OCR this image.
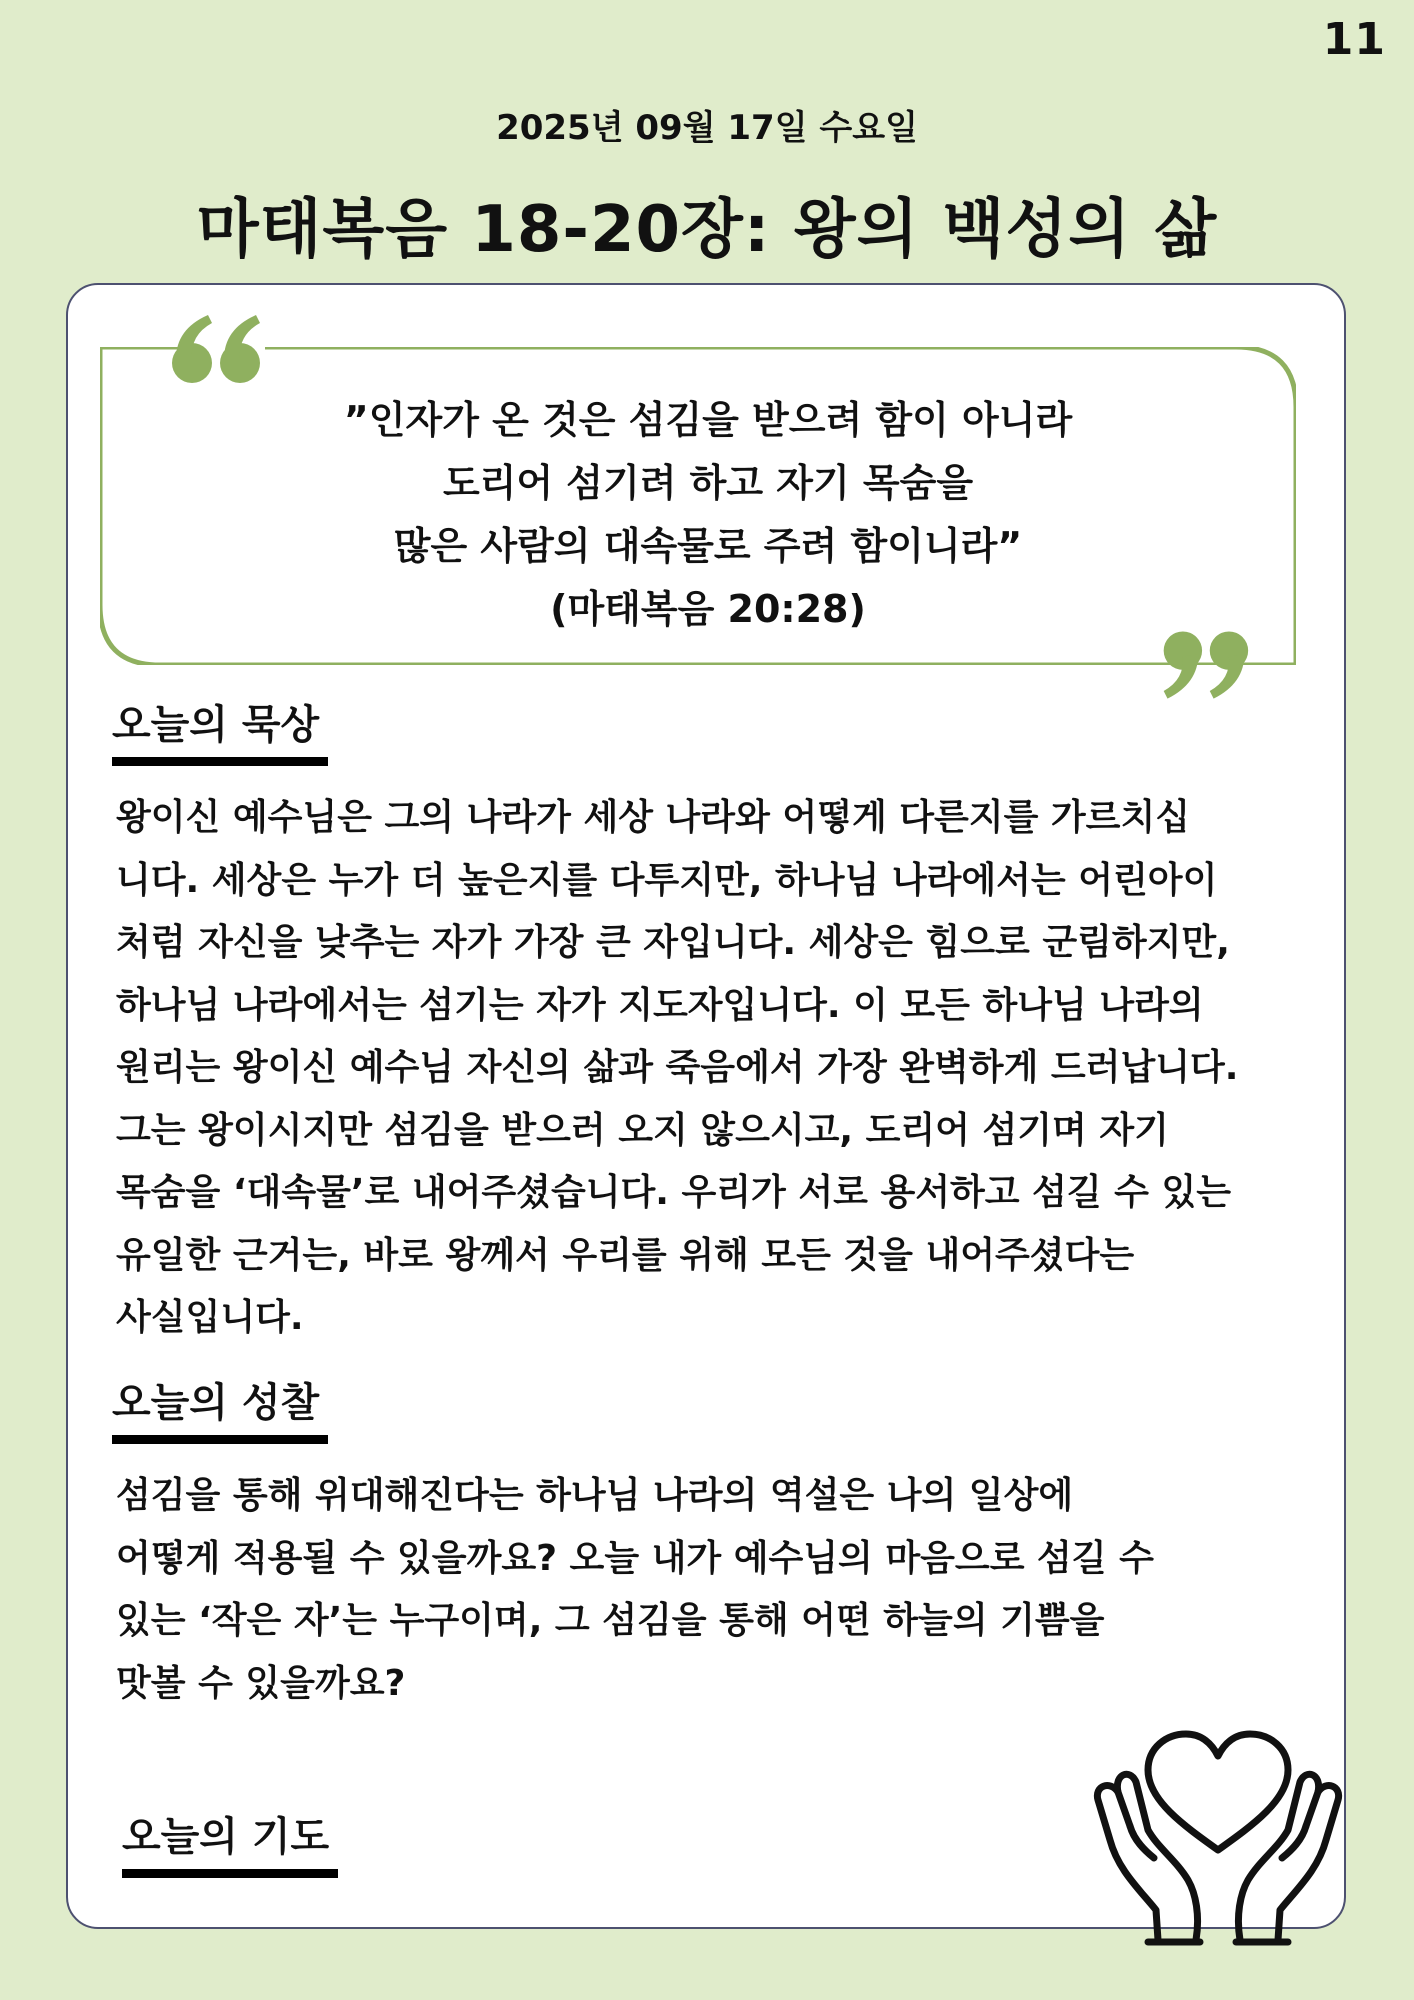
11
2025년 09월 17일 수요일
마태복음 18-20장: 왕의 백성의 삶
”인자가 온 것은 섬김을 받으려 함이 아니라
도리어 섬기려 하고 자기 목숨을
많은 사람의 대속물로 주려 함이니라”
(마태복음 20:28)
오늘의 묵상
왕이신 예수님은 그의 나라가 세상 나라와 어떻게 다른지를 가르치십
니다. 세상은 누가 더 높은지를 다투지만, 하나님 나라에서는 어린아이
처럼 자신을 낮추는 자가 가장 큰 자입니다. 세상은 힘으로 군림하지만,
하나님 나라에서는 섬기는 자가 지도자입니다. 이 모든 하나님 나라의
원리는 왕이신 예수님 자신의 삶과 죽음에서 가장 완벽하게 드러납니다.
그는 왕이시지만 섬김을 받으러 오지 않으시고, 도리어 섬기며 자기
목숨을 ‘대속물’로 내어주셨습니다. 우리가 서로 용서하고 섬길 수 있는
유일한 근거는, 바로 왕께서 우리를 위해 모든 것을 내어주셨다는
사실입니다.
오늘의 성찰
섬김을 통해 위대해진다는 하나님 나라의 역설은 나의 일상에
어떻게 적용될 수 있을까요? 오늘 내가 예수님의 마음으로 섬길 수
있는 ‘작은 자’는 누구이며, 그 섬김을 통해 어떤 하늘의 기쁨을
맛볼 수 있을까요?
오늘의 기도
